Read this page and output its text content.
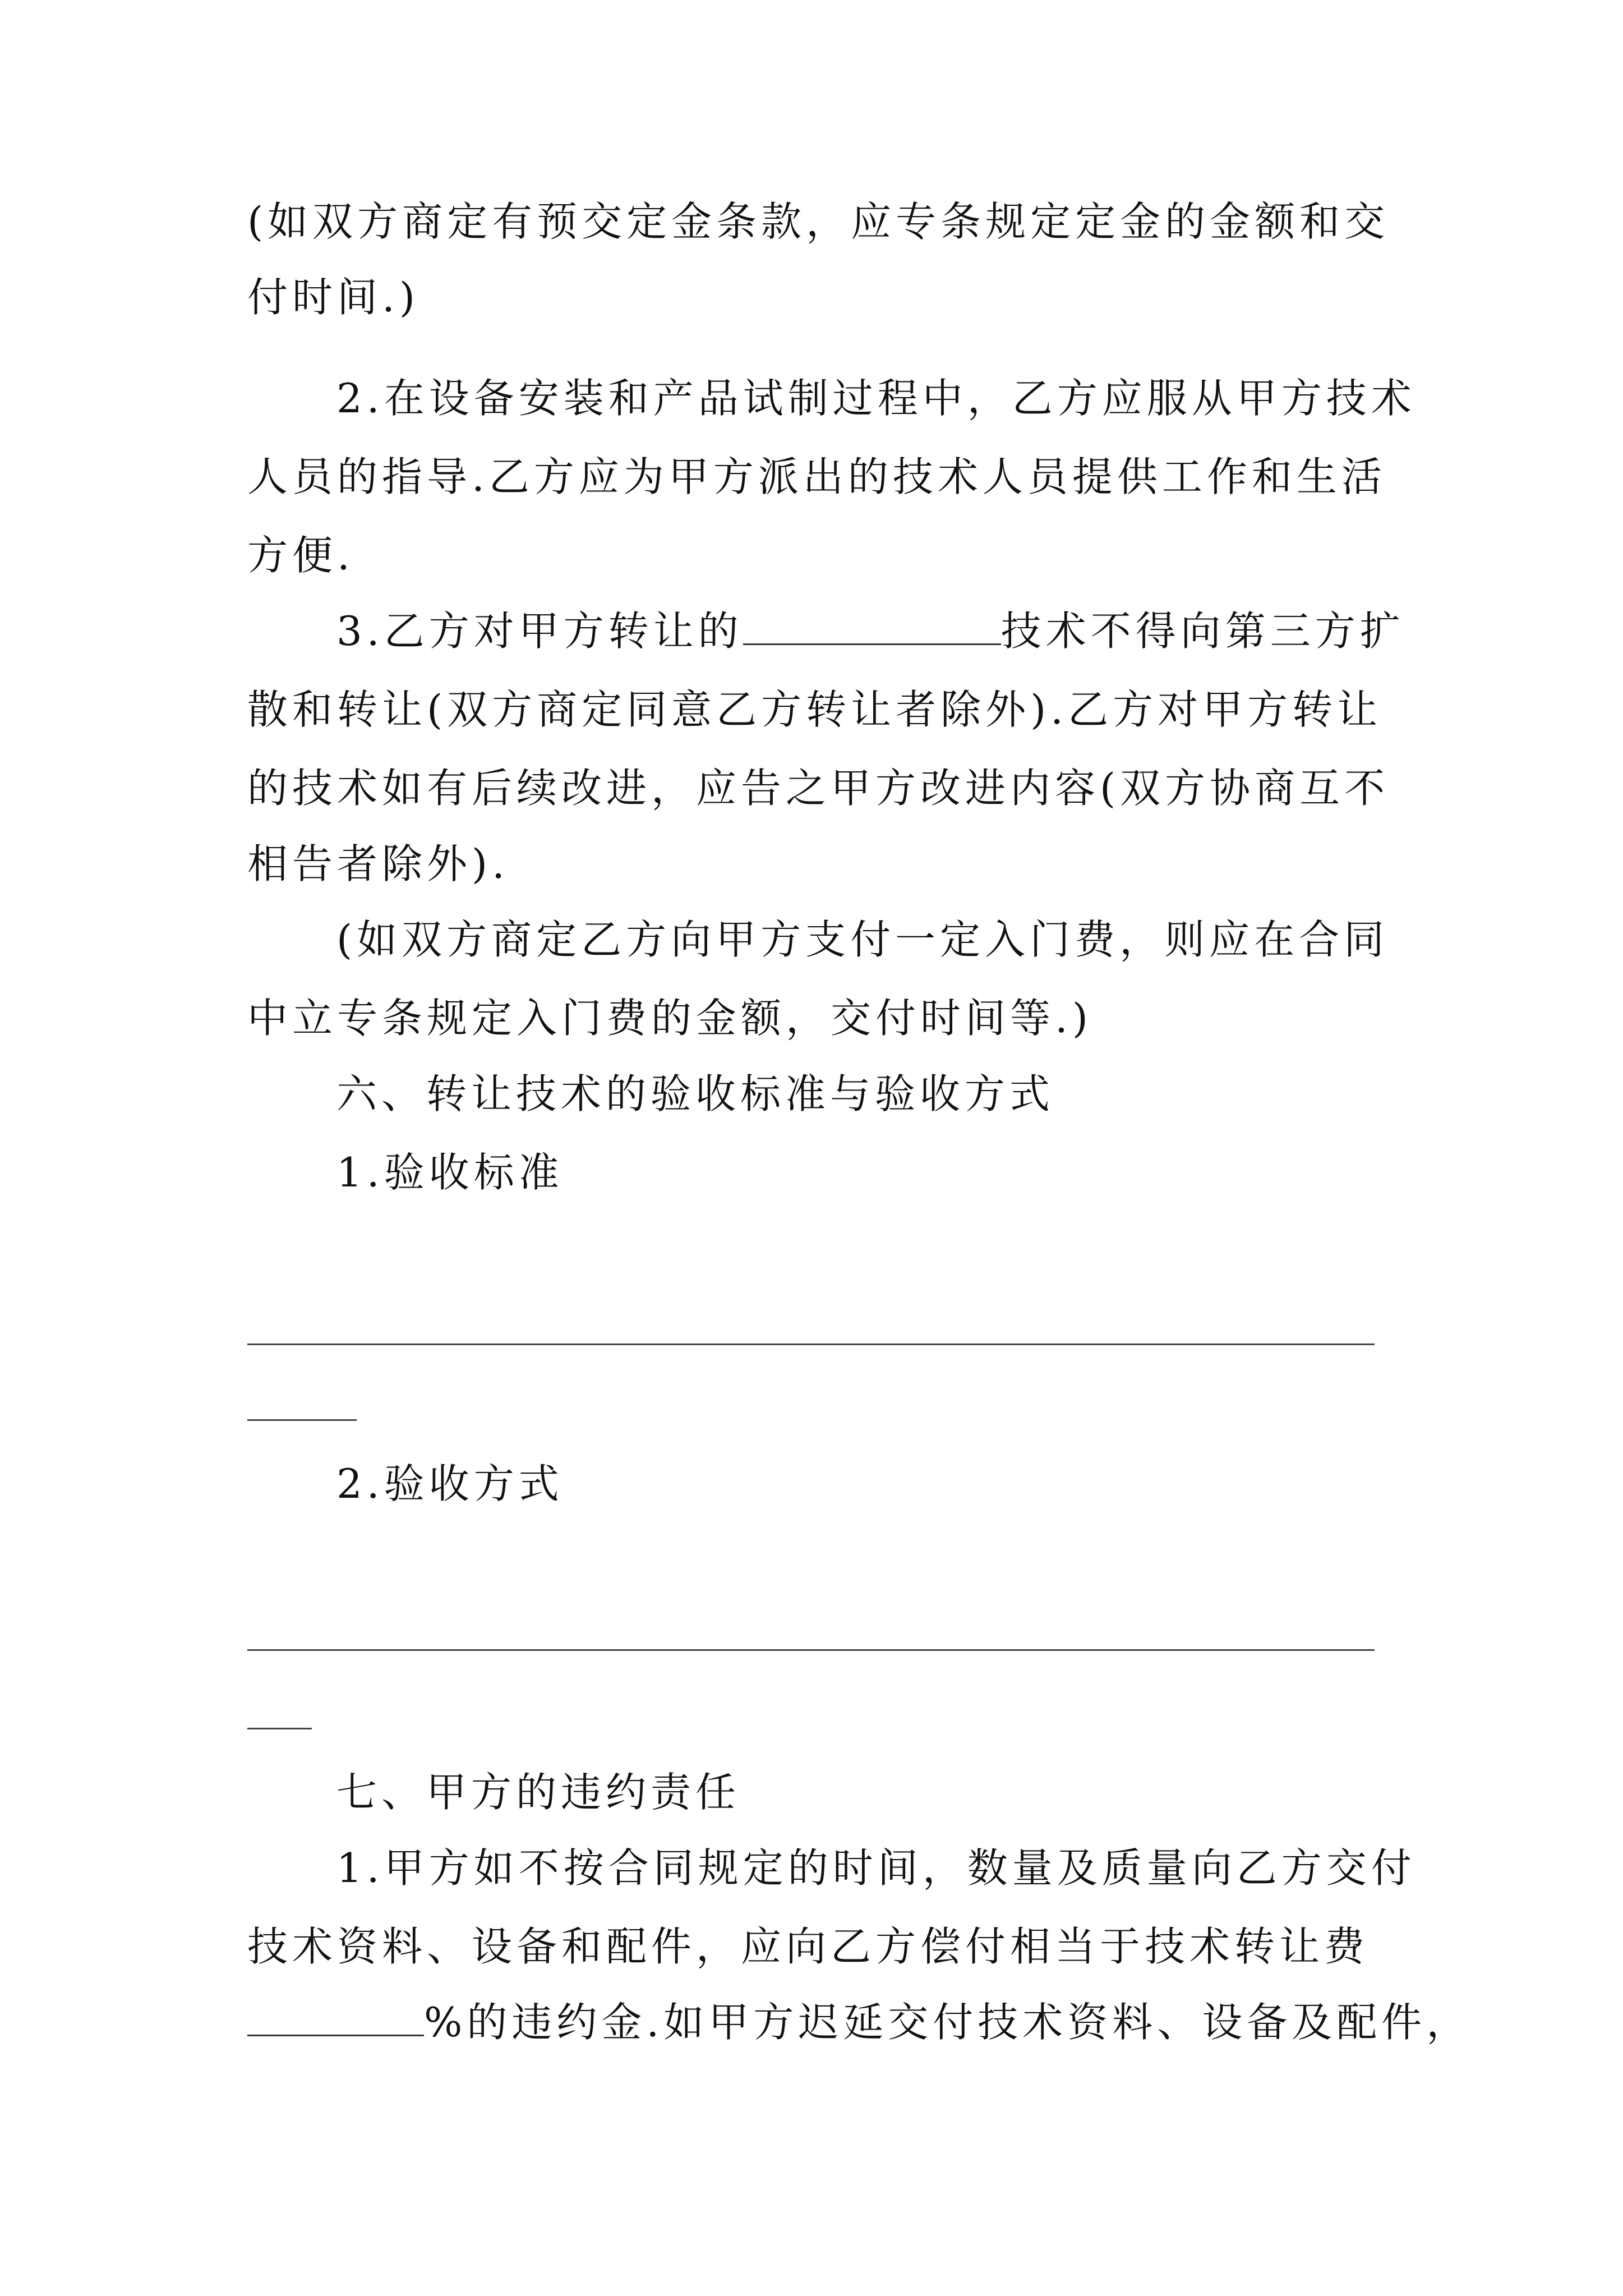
(如双方商定有预交定金条款，应专条规定定金的金额和交
付时间.)
2.在设备安装和产品试制过程中，乙方应服从甲方技术
人员的指导.乙方应为甲方派出的技术人员提供工作和生活
方便.
3.乙方对甲方转让的	技术不得向第三方扩
散和转让(双方商定同意乙方转让者除外).乙方对甲方转让
的技术如有后续改进，应告之甲方改进内容(双方协商互不
相告者除外).
(如双方商定乙方向甲方支付一定入门费，则应在合同
中立专条规定入门费的金额，交付时间等.)
六、转让技术的验收标准与验收方式
1.验收标准
2.验收方式
七、甲方的违约责任
1.甲方如不按合同规定的时间，数量及质量向乙方交付
技术资料、设备和配件，应向乙方偿付相当于技术转让费
%的违约金.如甲方迟延交付技术资料、设备及配件，
